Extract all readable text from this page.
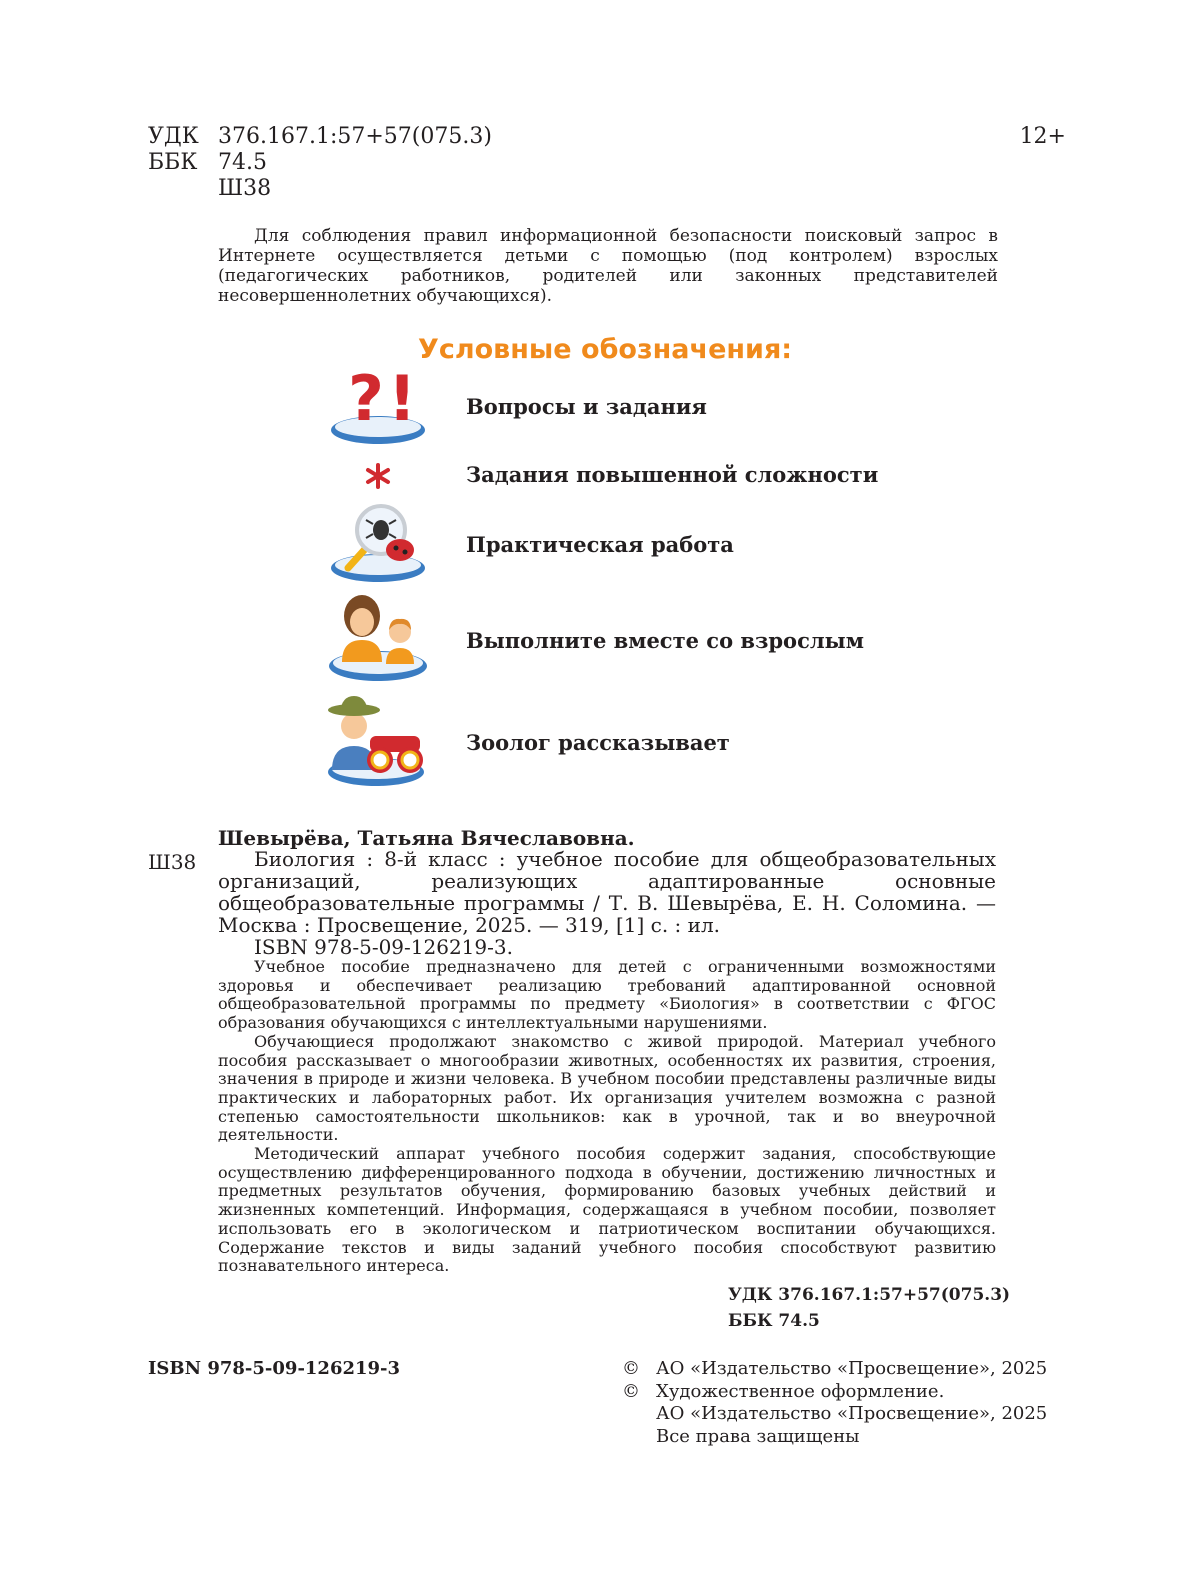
УДК 376.167.1:57+57(075.3)
ББК 74.5
Ш38
12+
Для соблюдения правил информационной безопасности поисковый запрос в Интернете осуществляется детьми с помощью (под контролем) взрослых (педагогических работников, родителей или законных представителей несовершеннолетних обучающихся).
Условные обозначения:
? ! Вопросы и задания
Задания повышенной сложности
Практическая работа
Выполните вместе со взрослым
Зоолог рассказывает
Шевырёва, Татьяна Вячеславовна.
Ш38	Биология : 8-й класс : учебное пособие для общеобразовательных организаций, реализующих адаптированные основные общеобразовательные программы / Т. В. Шевырёва, Е. Н. Соломина. — Москва : Просвещение, 2025. — 319, [1] с. : ил.

ISBN 978-5-09-126219-3.

Учебное пособие предназначено для детей с ограниченными возможностями здоровья и обеспечивает реализацию требований адаптированной основной общеобразовательной программы по предмету «Биология» в соответствии с ФГОС образования обучающихся с интеллектуальными нарушениями.

Обучающиеся продолжают знакомство с живой природой. Материал учебного пособия рассказывает о многообразии животных, особенностях их развития, строения, значения в природе и жизни человека. В учебном пособии представлены различные виды практических и лабораторных работ. Их организация учителем возможна с разной степенью самостоятельности школьников: как в урочной, так и во внеурочной деятельности.

Методический аппарат учебного пособия содержит задания, способствующие осуществлению дифференцированного подхода в обучении, достижению личностных и предметных результатов обучения, формированию базовых учебных действий и жизненных компетенций. Информация, содержащаяся в учебном пособии, позволяет использовать его в экологическом и патриотическом воспитании обучающихся. Содержание текстов и виды заданий учебного пособия способствуют развитию познавательного интереса.

УДК 376.167.1:57+57(075.3)
ББК 74.5
ISBN 978-5-09-126219-3	© АО «Издательство «Просвещение», 2025
© Художественное оформление.
АО «Издательство «Просвещение», 2025
Все права защищены
